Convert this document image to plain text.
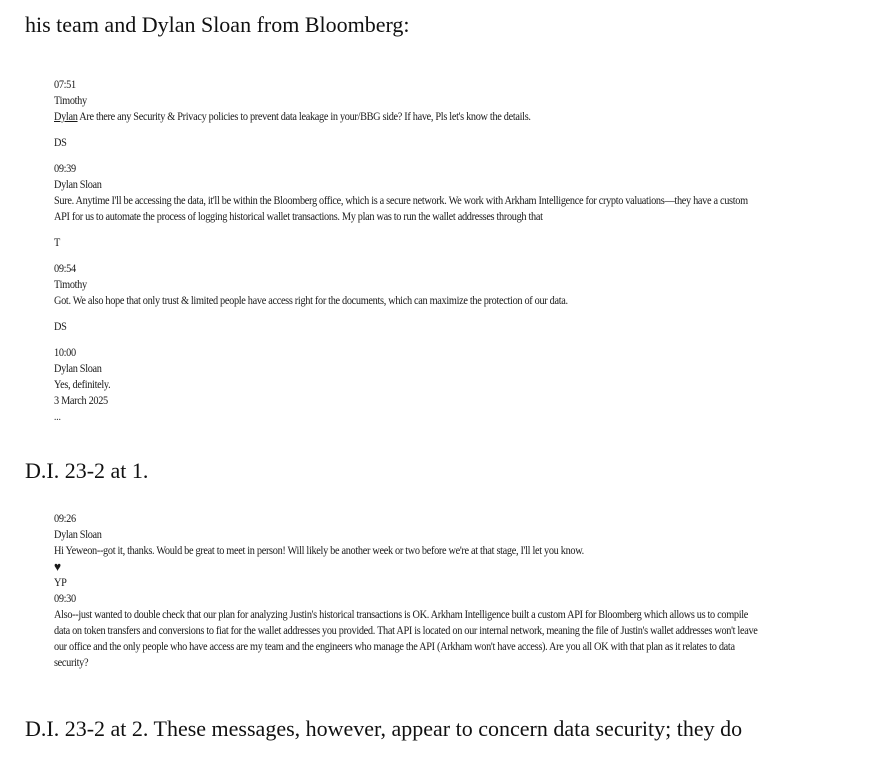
his team and Dylan Sloan from Bloomberg:
07:51
Timothy
Dylan Are there any Security & Privacy policies to prevent data leakage in your/BBG side? If have, Pls let's know the details.
DS
09:39
Dylan Sloan
Sure. Anytime I'll be accessing the data, it'll be within the Bloomberg office, which is a secure network. We work with Arkham Intelligence for crypto valuations—they have a custom
API for us to automate the process of logging historical wallet transactions. My plan was to run the wallet addresses through that
T
09:54
Timothy
Got. We also hope that only trust & limited people have access right for the documents, which can maximize the protection of our data.
DS
10:00
Dylan Sloan
Yes, definitely.
3 March 2025
...
D.I. 23-2 at 1.
09:26
Dylan Sloan
Hi Yeweon--got it, thanks. Would be great to meet in person! Will likely be another week or two before we're at that stage, I'll let you know.
♥
YP
09:30
Also--just wanted to double check that our plan for analyzing Justin's historical transactions is OK. Arkham Intelligence built a custom API for Bloomberg which allows us to compile
data on token transfers and conversions to fiat for the wallet addresses you provided. That API is located on our internal network, meaning the file of Justin's wallet addresses won't leave
our office and the only people who have access are my team and the engineers who manage the API (Arkham won't have access). Are you all OK with that plan as it relates to data
security?
D.I. 23-2 at 2. These messages, however, appear to concern data security; they do
